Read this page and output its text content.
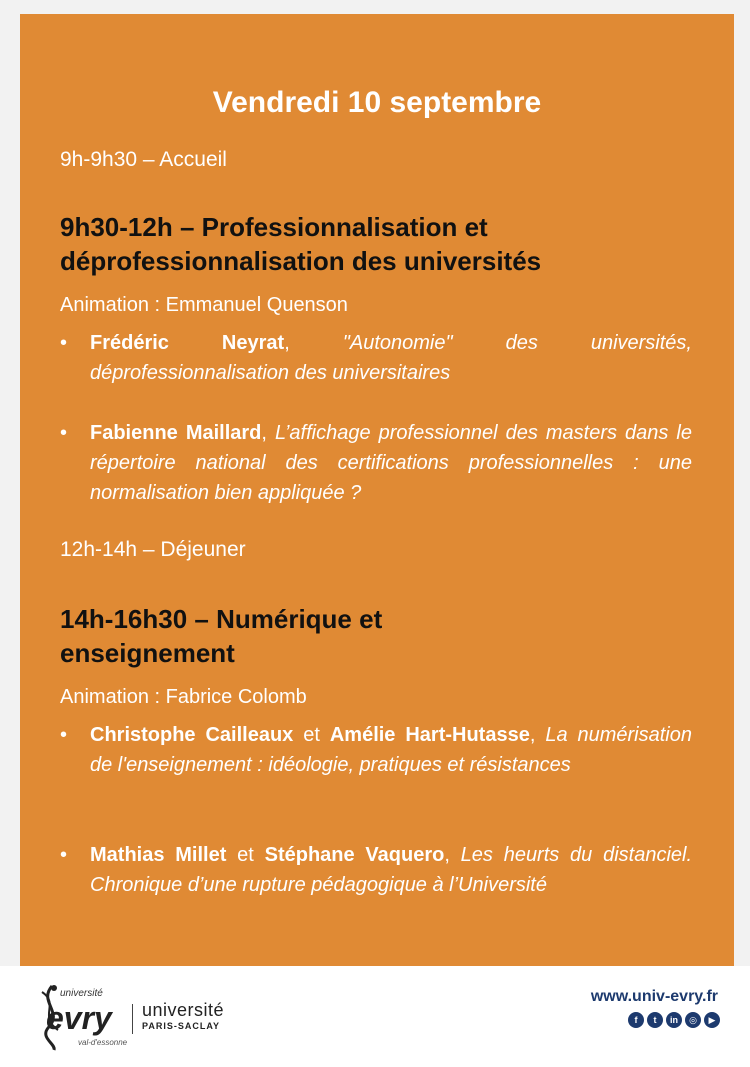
Vendredi 10 septembre
9h-9h30 – Accueil
9h30-12h – Professionnalisation et
déprofessionnalisation des universités
Animation : Emmanuel Quenson
• Frédéric Neyrat, "Autonomie" des universités, déprofessionnalisation des universitaires
• Fabienne Maillard, L’affichage professionnel des masters dans le répertoire national des certifications professionnelles : une normalisation bien appliquée ?
12h-14h – Déjeuner
14h-16h30 – Numérique et
enseignement
Animation : Fabrice Colomb
• Christophe Cailleaux et Amélie Hart-Hutasse, La numérisation de l'enseignement : idéologie, pratiques et résistances
• Mathias Millet et Stéphane Vaquero, Les heurts du distanciel. Chronique d’une rupture pédagogique à l’Université
université
evry
val-d'essonne
université
PARIS-SACLAY
www.univ-evry.fr
f	t	in	◎	▶
